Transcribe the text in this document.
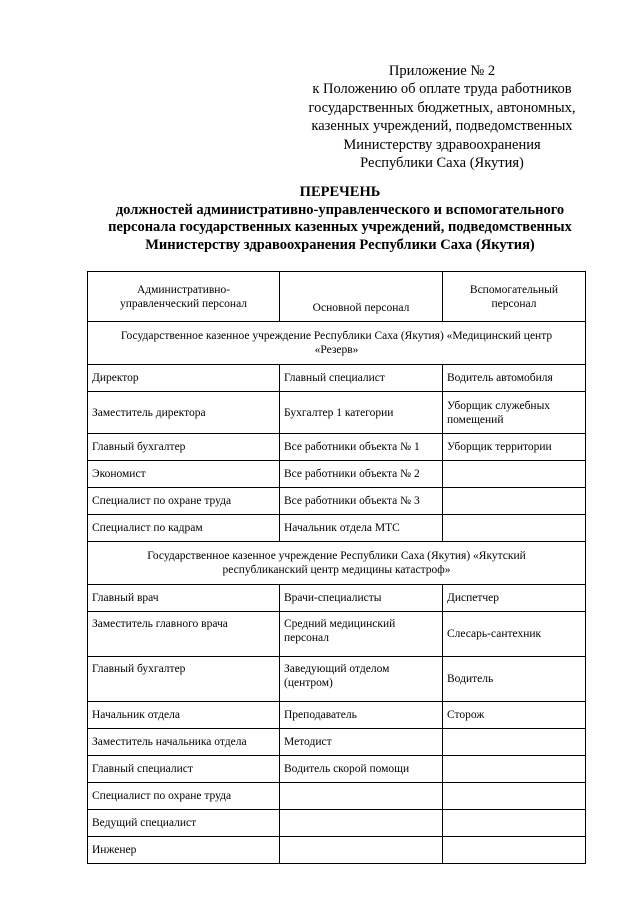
Приложение № 2
к Положению об оплате труда работников
государственных бюджетных, автономных,
казенных учреждений, подведомственных
Министерству здравоохранения
Республики Саха (Якутия)
ПЕРЕЧЕНЬ
должностей административно-управленческого и вспомогательного
персонала государственных казенных учреждений, подведомственных
Министерству здравоохранения Республики Саха (Якутия)
Административно-
управленческий персонал	Основной персонал	Вспомогательный
персонал
Государственное казенное учреждение Республики Саха (Якутия) «Медицинский центр
«Резерв»		
Директор	Главный специалист	Водитель автомобиля
Заместитель директора	Бухгалтер 1 категории	Уборщик служебных помещений
Главный бухгалтер	Все работники объекта № 1	Уборщик территории
Экономист	Все работники объекта № 2	
Специалист по охране труда	Все работники объекта № 3	
Специалист по кадрам	Начальник отдела МТС	
Государственное казенное учреждение Республики Саха (Якутия) «Якутский
республиканский центр медицины катастроф»		
Главный врач	Врачи-специалисты	Диспетчер
Заместитель главного врача	Средний медицинский персонал	Слесарь-сантехник
Главный бухгалтер	Заведующий отделом (центром)	Водитель
Начальник отдела	Преподаватель	Сторож
Заместитель начальника отдела	Методист	
Главный специалист	Водитель скорой помощи	
Специалист по охране труда		
Ведущий специалист		
Инженер		
